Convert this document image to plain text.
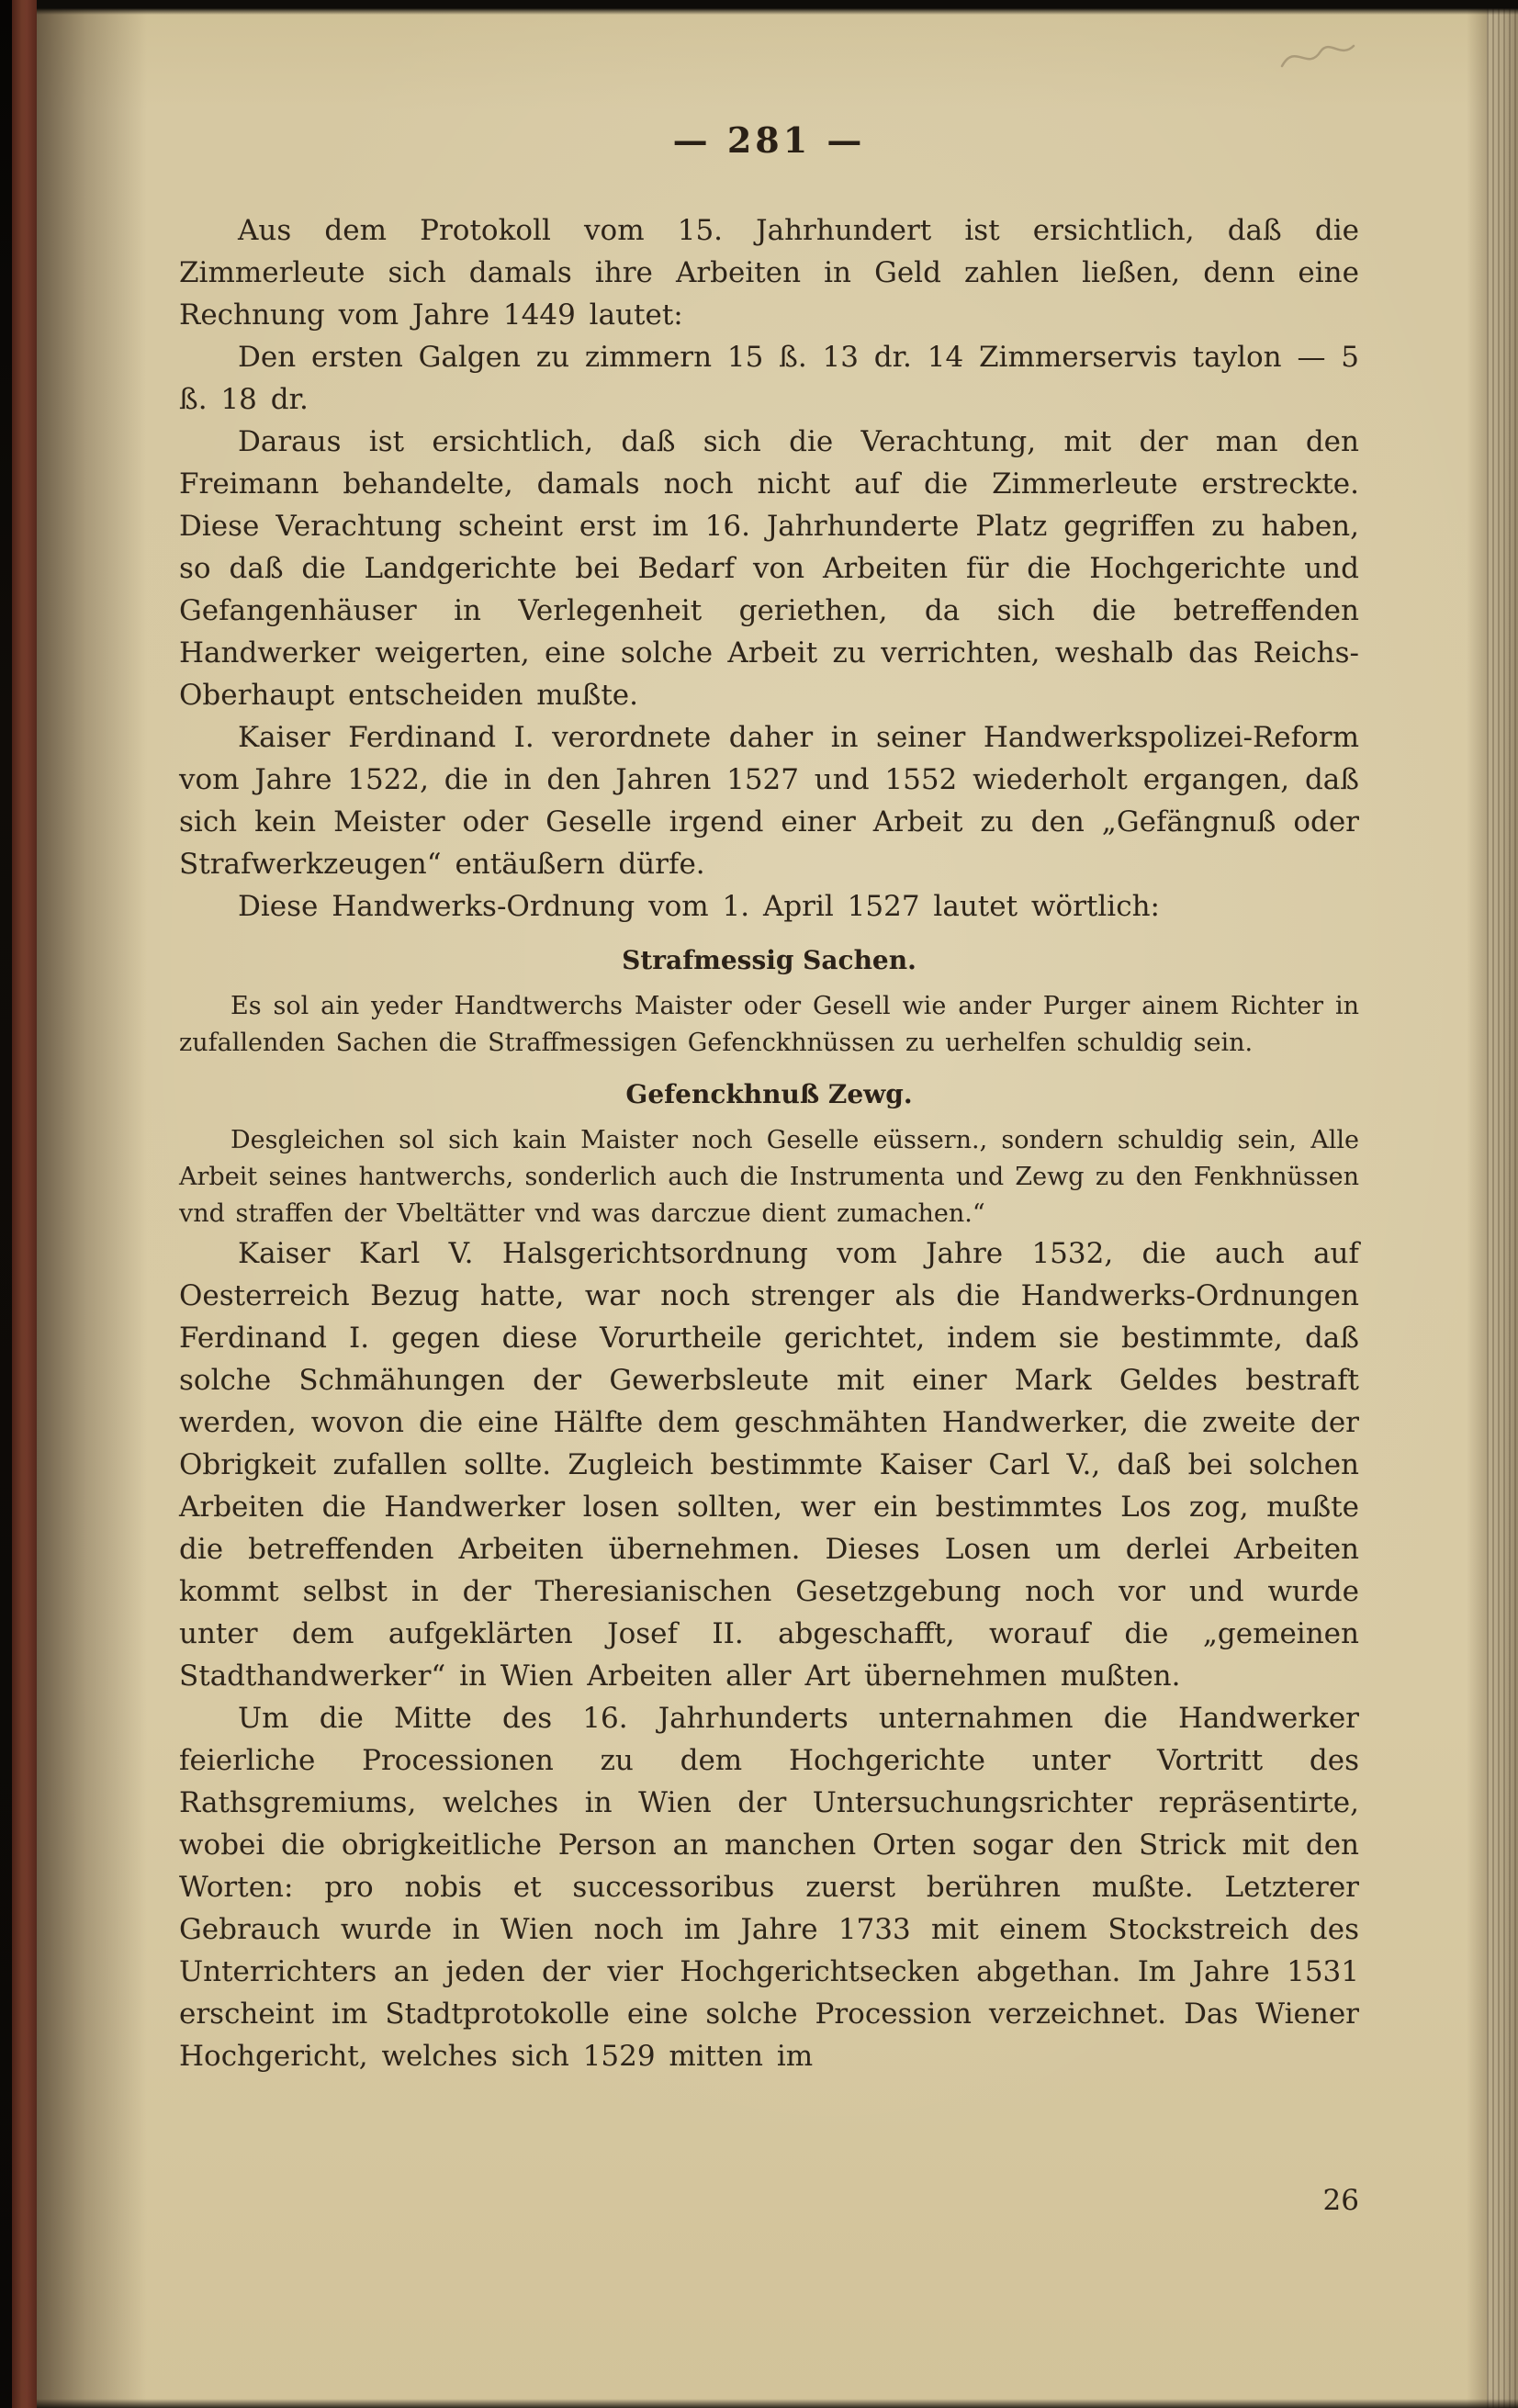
— 281 —

Aus dem Protokoll vom 15. Jahrhundert ist ersichtlich, daß die Zimmerleute sich damals ihre Arbeiten in Geld zahlen ließen, denn eine Rechnung vom Jahre 1449 lautet:

Den ersten Galgen zu zimmern 15 ß. 13 dr. 14 Zimmerservis taylon — 5 ß. 18 dr.

Daraus ist ersichtlich, daß sich die Verachtung, mit der man den Freimann behandelte, damals noch nicht auf die Zimmerleute erstreckte. Diese Verachtung scheint erst im 16. Jahrhunderte Platz gegriffen zu haben, so daß die Landgerichte bei Bedarf von Arbeiten für die Hochgerichte und Gefangenhäuser in Verlegenheit geriethen, da sich die betreffenden Handwerker weigerten, eine solche Arbeit zu verrichten, weshalb das Reichs-Oberhaupt entscheiden mußte.

Kaiser Ferdinand I. verordnete daher in seiner Handwerkspolizei-Reform vom Jahre 1522, die in den Jahren 1527 und 1552 wiederholt ergangen, daß sich kein Meister oder Geselle irgend einer Arbeit zu den „Gefängnuß oder Strafwerkzeugen“ entäußern dürfe.

Diese Handwerks-Ordnung vom 1. April 1527 lautet wörtlich:

Strafmessig Sachen.

Es sol ain yeder Handtwerchs Maister oder Gesell wie ander Purger ainem Richter in zufallenden Sachen die Straffmessigen Gefenckhnüssen zu uerhelfen schuldig sein.

Gefenckhnuß Zewg.

Desgleichen sol sich kain Maister noch Geselle eüssern., sondern schuldig sein, Alle Arbeit seines hantwerchs, sonderlich auch die Instrumenta und Zewg zu den Fenkhnüssen vnd straffen der Vbeltätter vnd was darczue dient zumachen.“

Kaiser Karl V. Halsgerichtsordnung vom Jahre 1532, die auch auf Oesterreich Bezug hatte, war noch strenger als die Handwerks-Ordnungen Ferdinand I. gegen diese Vorurtheile gerichtet, indem sie bestimmte, daß solche Schmähungen der Gewerbsleute mit einer Mark Geldes bestraft werden, wovon die eine Hälfte dem geschmähten Handwerker, die zweite der Obrigkeit zufallen sollte. Zugleich bestimmte Kaiser Carl V., daß bei solchen Arbeiten die Handwerker losen sollten, wer ein bestimmtes Los zog, mußte die betreffenden Arbeiten übernehmen. Dieses Losen um derlei Arbeiten kommt selbst in der Theresianischen Gesetzgebung noch vor und wurde unter dem aufgeklärten Josef II. abgeschafft, worauf die „gemeinen Stadthandwerker“ in Wien Arbeiten aller Art übernehmen mußten.

Um die Mitte des 16. Jahrhunderts unternahmen die Handwerker feierliche Processionen zu dem Hochgerichte unter Vortritt des Rathsgremiums, welches in Wien der Untersuchungsrichter repräsentirte, wobei die obrigkeitliche Person an manchen Orten sogar den Strick mit den Worten: pro nobis et successoribus zuerst berühren mußte. Letzterer Gebrauch wurde in Wien noch im Jahre 1733 mit einem Stockstreich des Unterrichters an jeden der vier Hochgerichtsecken abgethan. Im Jahre 1531 erscheint im Stadtprotokolle eine solche Procession verzeichnet. Das Wiener Hochgericht, welches sich 1529 mitten im

26
